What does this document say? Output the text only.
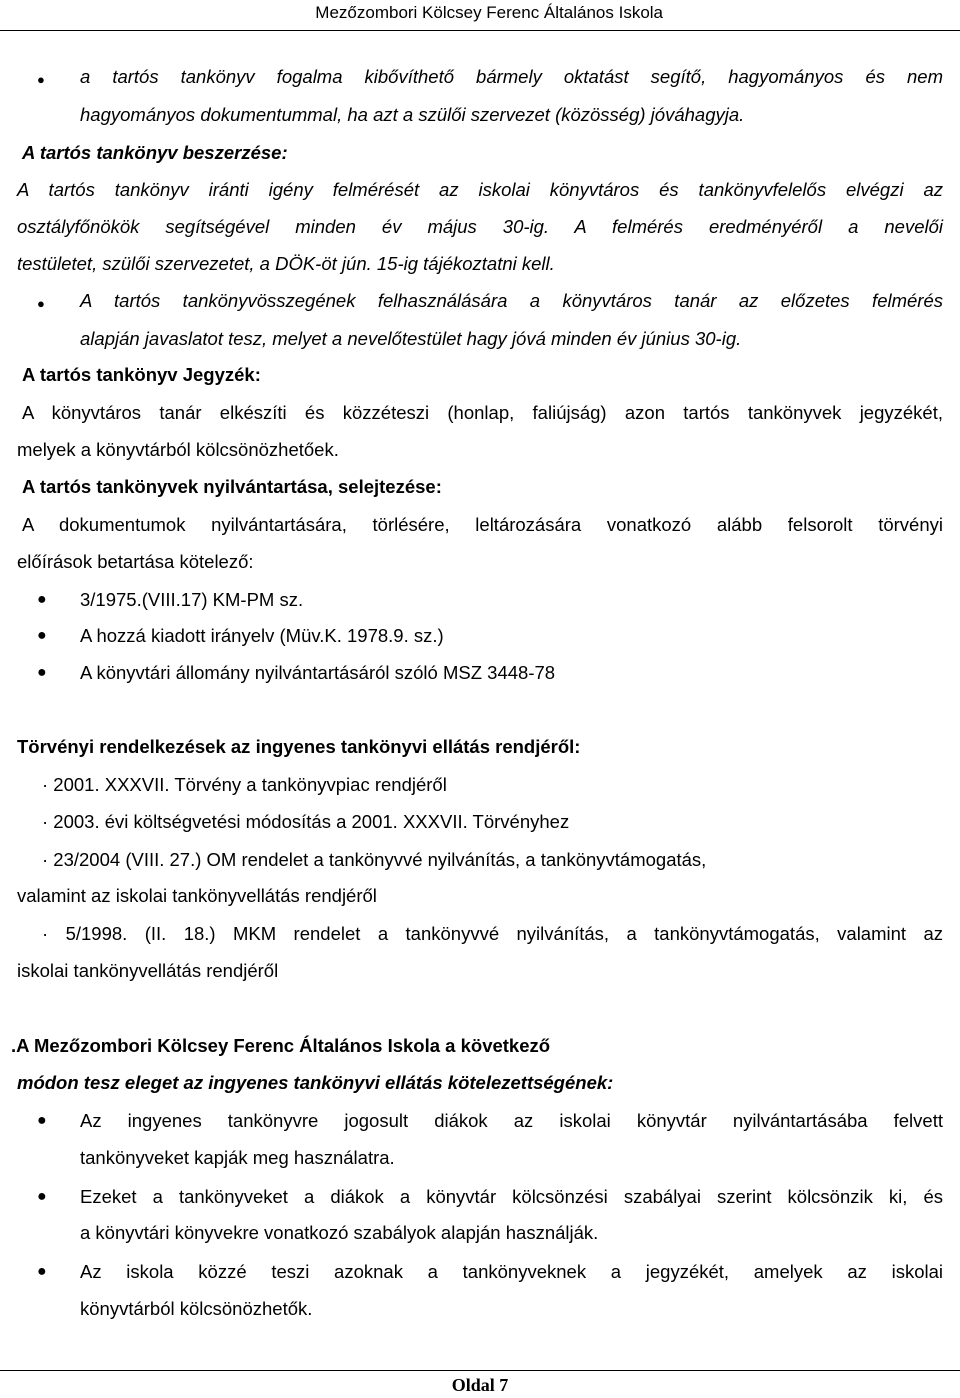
Mezőzombori Kölcsey Ferenc Általános Iskola
● a tartós tankönyv fogalma kibővíthető bármely oktatást segítő, hagyományos és nem
hagyományos dokumentummal, ha azt a szülői szervezet (közösség) jóváhagyja.
A tartós tankönyv beszerzése:
A tartós tankönyv iránti igény felmérését az iskolai könyvtáros és tankönyvfelelős elvégzi az
osztályfőnökök segítségével minden év május 30-ig. A felmérés eredményéről a nevelői
testületet, szülői szervezetet, a DÖK-öt jún. 15-ig tájékoztatni kell.
● A tartós tankönyvösszegének felhasználására a könyvtáros tanár az előzetes felmérés
alapján javaslatot tesz, melyet a nevelőtestület hagy jóvá minden év június 30-ig.
A tartós tankönyv Jegyzék:
A könyvtáros tanár elkészíti és közzéteszi (honlap, faliújság) azon tartós tankönyvek jegyzékét,
melyek a könyvtárból kölcsönözhetőek.
A tartós tankönyvek nyilvántartása, selejtezése:
A dokumentumok nyilvántartására, törlésére, leltározására vonatkozó alább felsorolt törvényi
előírások betartása kötelező:
● 3/1975.(VIII.17) KM-PM sz.
● A hozzá kiadott irányelv (Müv.K. 1978.9. sz.)
● A könyvtári állomány nyilvántartásáról szóló MSZ 3448-78
Törvényi rendelkezések az ingyenes tankönyvi ellátás rendjéről:
· 2001. XXXVII. Törvény a tankönyvpiac rendjéről
· 2003. évi költségvetési módosítás a 2001. XXXVII. Törvényhez
· 23/2004 (VIII. 27.) OM rendelet a tankönyvvé nyilvánítás, a tankönyvtámogatás,
valamint az iskolai tankönyvellátás rendjéről
· 5/1998. (II. 18.) MKM rendelet a tankönyvvé nyilvánítás, a tankönyvtámogatás, valamint az
iskolai tankönyvellátás rendjéről
.A Mezőzombori Kölcsey Ferenc Általános Iskola a következő
módon tesz eleget az ingyenes tankönyvi ellátás kötelezettségének:
● Az ingyenes tankönyvre jogosult diákok az iskolai könyvtár nyilvántartásába felvett
tankönyveket kapják meg használatra.
● Ezeket a tankönyveket a diákok a könyvtár kölcsönzési szabályai szerint kölcsönzik ki, és
a könyvtári könyvekre vonatkozó szabályok alapján használják.
● Az iskola közzé teszi azoknak a tankönyveknek a jegyzékét, amelyek az iskolai
könyvtárból kölcsönözhetők.
Oldal 7
